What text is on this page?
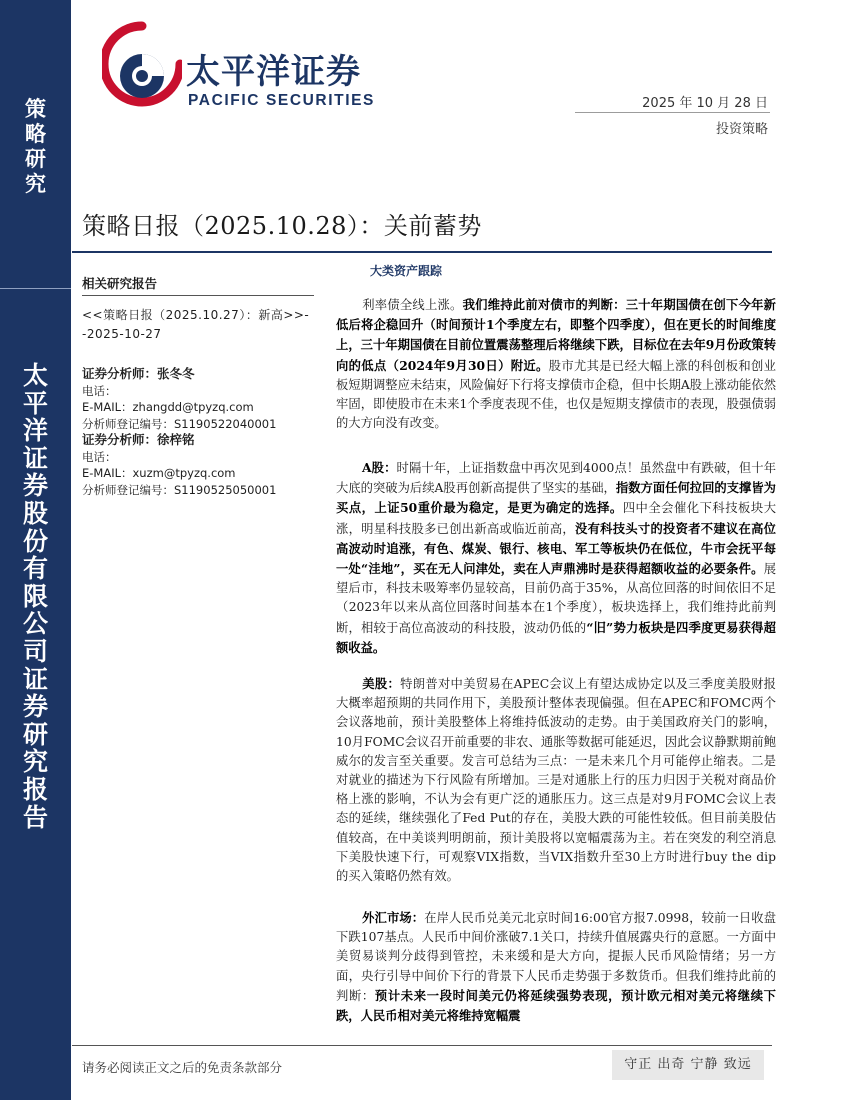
策
略
研
究
太
平
洋
证
券
股
份
有
限
公
司
证
券
研
究
报
告
太平洋证券
PACIFIC SECURITIES	2025 年 10 月 28 日
投资策略
策略日报（2025.10.28）：关前蓄势
相关研究报告
<<策略日报（2025.10.27）：新高>>--2025-10-27
证券分析师：张冬冬
电话：
E-MAIL：zhangdd@tpyzq.com
分析师登记编号：S1190522040001
证券分析师：徐梓铭
电话：
E-MAIL：xuzm@tpyzq.com
分析师登记编号：S1190525050001
大类资产跟踪

利率债全线上涨。我们维持此前对债市的判断：三十年期国债在创下今年新低后将企稳回升（时间预计1个季度左右，即整个四季度），但在更长的时间维度上，三十年期国债在目前位置震荡整理后将继续下跌，目标位在去年9月份政策转向的低点（2024年9月30日）附近。股市尤其是已经大幅上涨的科创板和创业板短期调整应未结束，风险偏好下行将支撑债市企稳，但中长期A股上涨动能依然牢固，即使股市在未来1个季度表现不佳，也仅是短期支撑债市的表现，股强债弱的大方向没有改变。

A股：时隔十年，上证指数盘中再次见到4000点！虽然盘中有跌破，但十年大底的突破为后续A股再创新高提供了坚实的基础，指数方面任何拉回的支撑皆为买点，上证50重价最为稳定，是更为确定的选择。四中全会催化下科技板块大涨，明星科技股多已创出新高或临近前高，没有科技头寸的投资者不建议在高位高波动时追涨，有色、煤炭、银行、核电、军工等板块仍在低位，牛市会抚平每一处“洼地”，买在无人问津处，卖在人声鼎沸时是获得超额收益的必要条件。展望后市，科技未吸筹率仍显较高，目前仍高于35%，从高位回落的时间依旧不足（2023年以来从高位回落时间基本在1个季度），板块选择上，我们维持此前判断，相较于高位高波动的科技股，波动仍低的“旧”势力板块是四季度更易获得超额收益。

美股：特朗普对中美贸易在APEC会议上有望达成协定以及三季度美股财报大概率超预期的共同作用下，美股预计整体表现偏强。但在APEC和FOMC两个会议落地前，预计美股整体上将维持低波动的走势。由于美国政府关门的影响，10月FOMC会议召开前重要的非农、通胀等数据可能延迟，因此会议静默期前鲍威尔的发言至关重要。发言可总结为三点：一是未来几个月可能停止缩表。二是对就业的描述为下行风险有所增加。三是对通胀上行的压力归因于关税对商品价格上涨的影响，不认为会有更广泛的通胀压力。这三点是对9月FOMC会议上表态的延续，继续强化了Fed Put的存在，美股大跌的可能性较低。但目前美股估值较高，在中美谈判明朗前，预计美股将以宽幅震荡为主。若在突发的利空消息下美股快速下行，可观察VIX指数，当VIX指数升至30上方时进行buy the dip 的买入策略仍然有效。

外汇市场：在岸人民币兑美元北京时间16:00官方报7.0998，较前一日收盘下跌107基点。人民币中间价涨破7.1关口，持续升值展露央行的意愿。一方面中美贸易谈判分歧得到管控，未来缓和是大方向，提振人民币风险情绪；另一方面，央行引导中间价下行的背景下人民币走势强于多数货币。但我们维持此前的判断：预计未来一段时间美元仍将延续强势表现，预计欧元相对美元将继续下跌，人民币相对美元将维持宽幅震

请务必阅读正文之后的免责条款部分	守正 出奇 宁静 致远
